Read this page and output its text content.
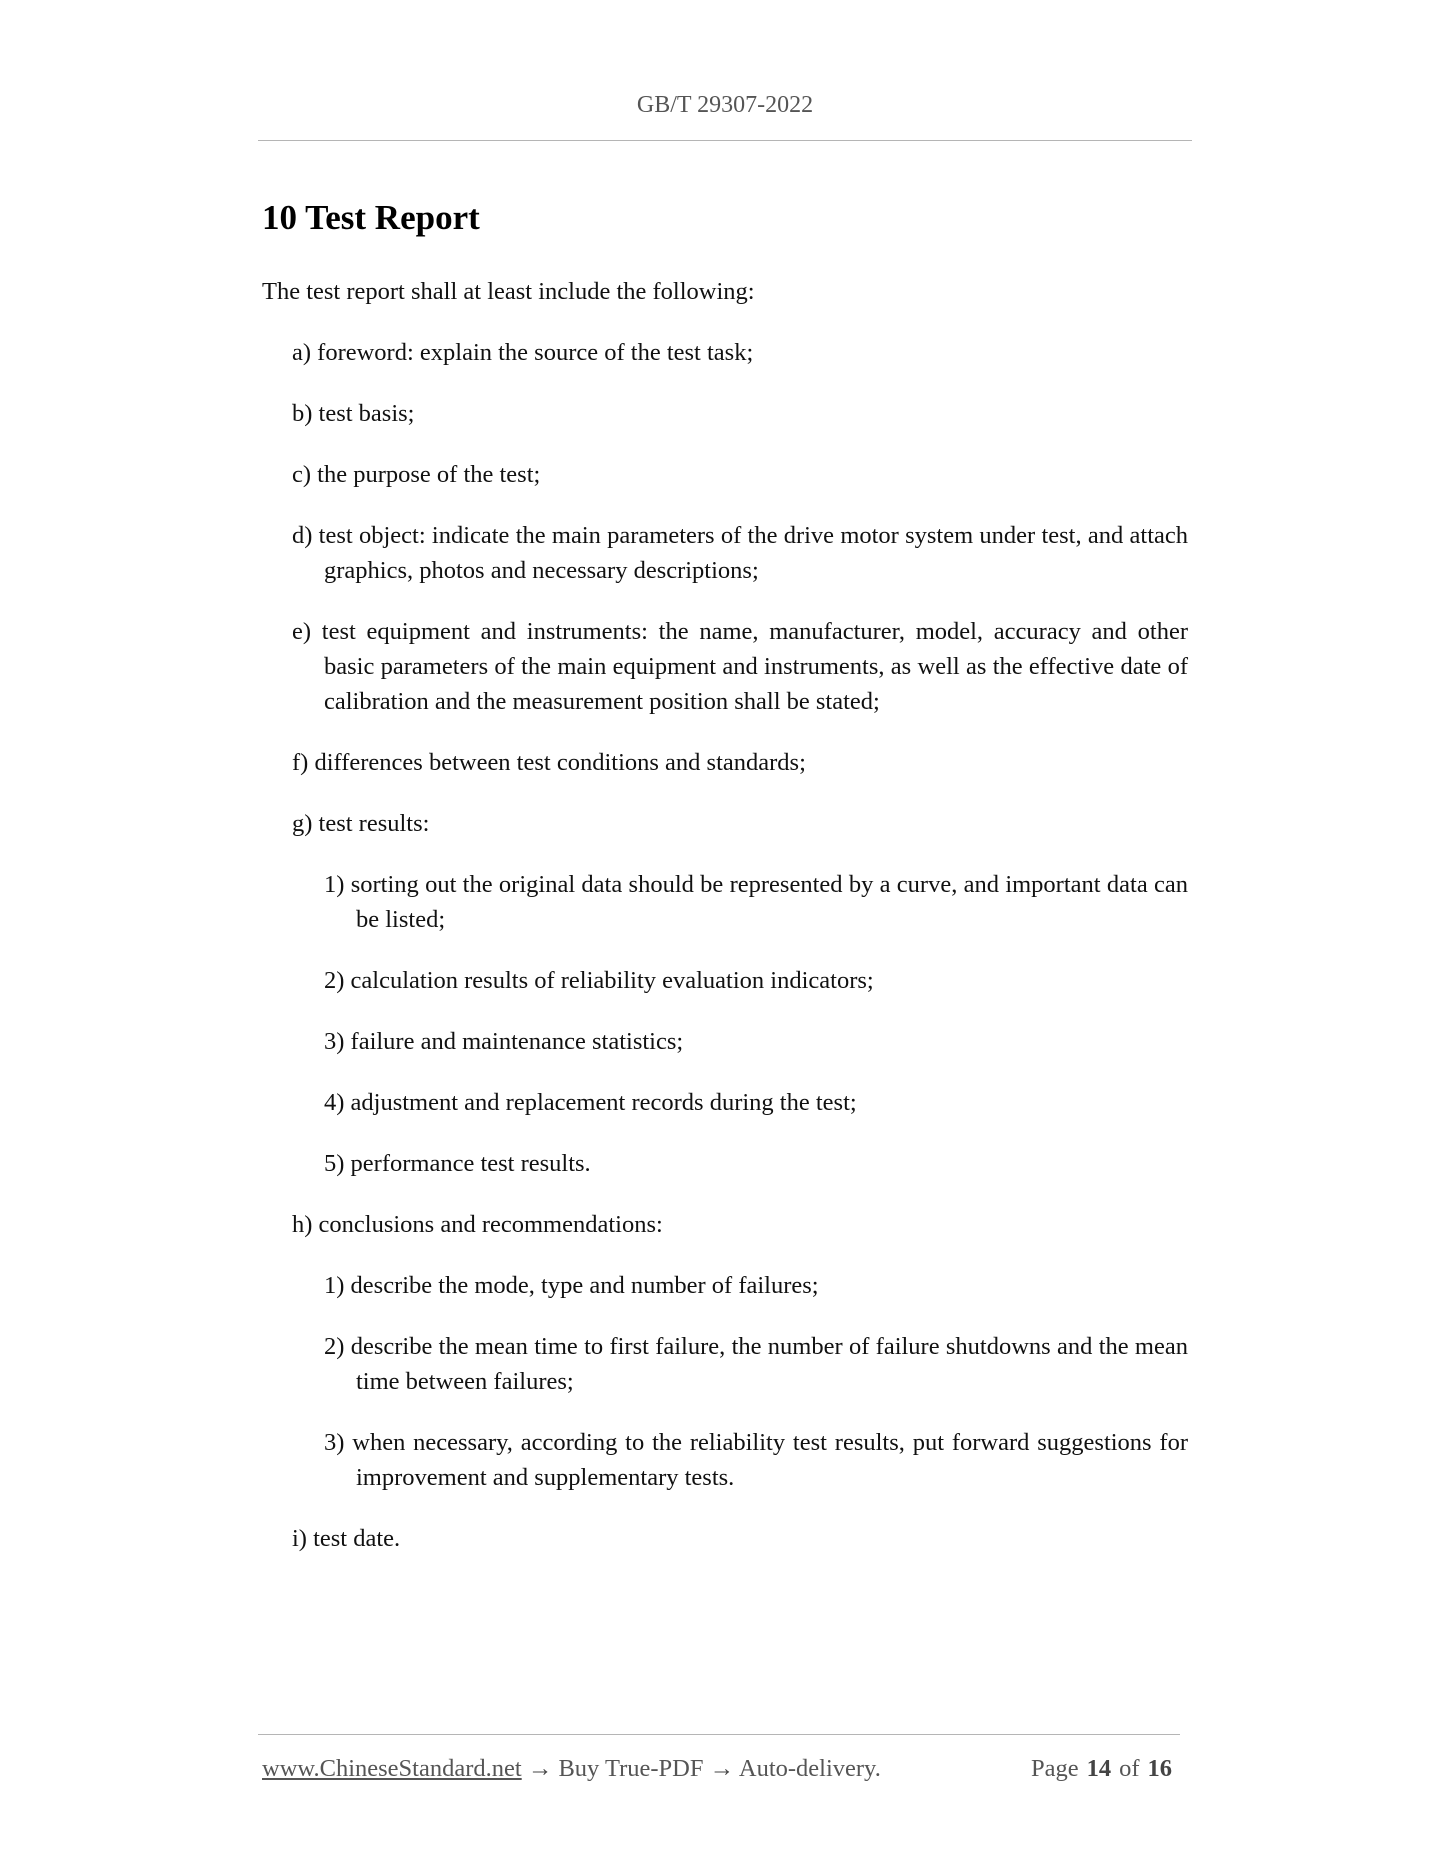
GB/T 29307-2022
10 Test Report

The test report shall at least include the following:

a) foreword: explain the source of the test task;

b) test basis;

c) the purpose of the test;

d) test object: indicate the main parameters of the drive motor system under test, and attach graphics, photos and necessary descriptions;

e) test equipment and instruments: the name, manufacturer, model, accuracy and other basic parameters of the main equipment and instruments, as well as the effective date of calibration and the measurement position shall be stated;

f) differences between test conditions and standards;

g) test results:

1) sorting out the original data should be represented by a curve, and important data can be listed;

2) calculation results of reliability evaluation indicators;

3) failure and maintenance statistics;

4) adjustment and replacement records during the test;

5) performance test results.

h) conclusions and recommendations:

1) describe the mode, type and number of failures;

2) describe the mean time to first failure, the number of failure shutdowns and the mean time between failures;

3) when necessary, according to the reliability test results, put forward suggestions for improvement and supplementary tests.

i) test date.

www.ChineseStandard.net → Buy True-PDF → Auto-delivery.	Page 14 of 16
